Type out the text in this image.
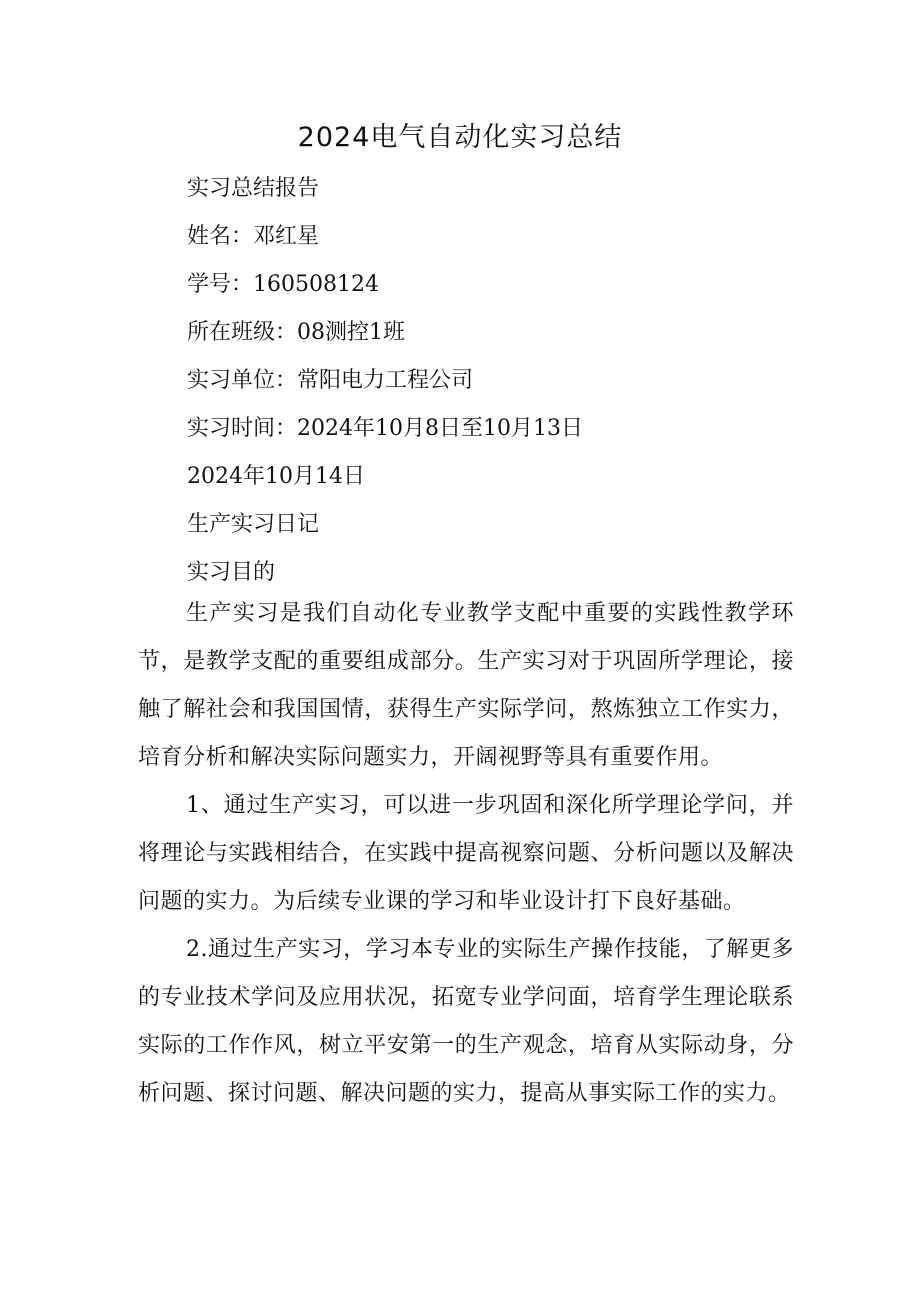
2024电气自动化实习总结
实习总结报告
姓名：邓红星
学号：160508124
所在班级：08测控1班
实习单位：常阳电力工程公司
实习时间：2024年10月8日至10月13日
2024年10月14日
生产实习日记
实习目的

生产实习是我们自动化专业教学支配中重要的实践性教学环节，是教学支配的重要组成部分。生产实习对于巩固所学理论，接触了解社会和我国国情，获得生产实际学问，熬炼独立工作实力，培育分析和解决实际问题实力，开阔视野等具有重要作用。

1、通过生产实习，可以进一步巩固和深化所学理论学问，并将理论与实践相结合，在实践中提高视察问题、分析问题以及解决问题的实力。为后续专业课的学习和毕业设计打下良好基础。

2.通过生产实习，学习本专业的实际生产操作技能，了解更多的专业技术学问及应用状况，拓宽专业学问面，培育学生理论联系实际的工作作风，树立平安第一的生产观念，培育从实际动身，分析问题、探讨问题、解决问题的实力，提高从事实际工作的实力。
